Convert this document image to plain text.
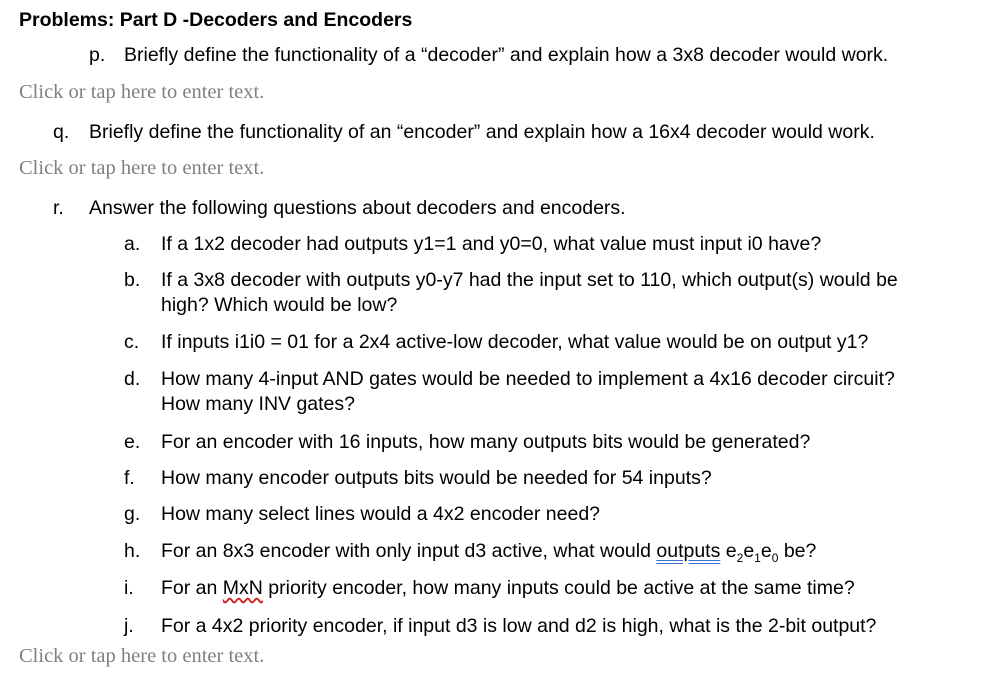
Problems: Part D -Decoders and Encoders
p. Briefly define the functionality of a “decoder” and explain how a 3x8 decoder would work.
Click or tap here to enter text.
q. Briefly define the functionality of an “encoder” and explain how a 16x4 decoder would work.
Click or tap here to enter text.
r. Answer the following questions about decoders and encoders.
a. If a 1x2 decoder had outputs y1=1 and y0=0, what value must input i0 have?
b. If a 3x8 decoder with outputs y0-y7 had the input set to 110, which output(s) would be
high? Which would be low?
c. If inputs i1i0 = 01 for a 2x4 active-low decoder, what value would be on output y1?
d. How many 4-input AND gates would be needed to implement a 4x16 decoder circuit?
How many INV gates?
e. For an encoder with 16 inputs, how many outputs bits would be generated?
f. How many encoder outputs bits would be needed for 54 inputs?
g. How many select lines would a 4x2 encoder need?
h. For an 8x3 encoder with only input d3 active, what would outputs $e_2e_1e_0$ be?
i. For an MxN priority encoder, how many inputs could be active at the same time?
j. For a 4x2 priority encoder, if input d3 is low and d2 is high, what is the 2-bit output?
Click or tap here to enter text.
